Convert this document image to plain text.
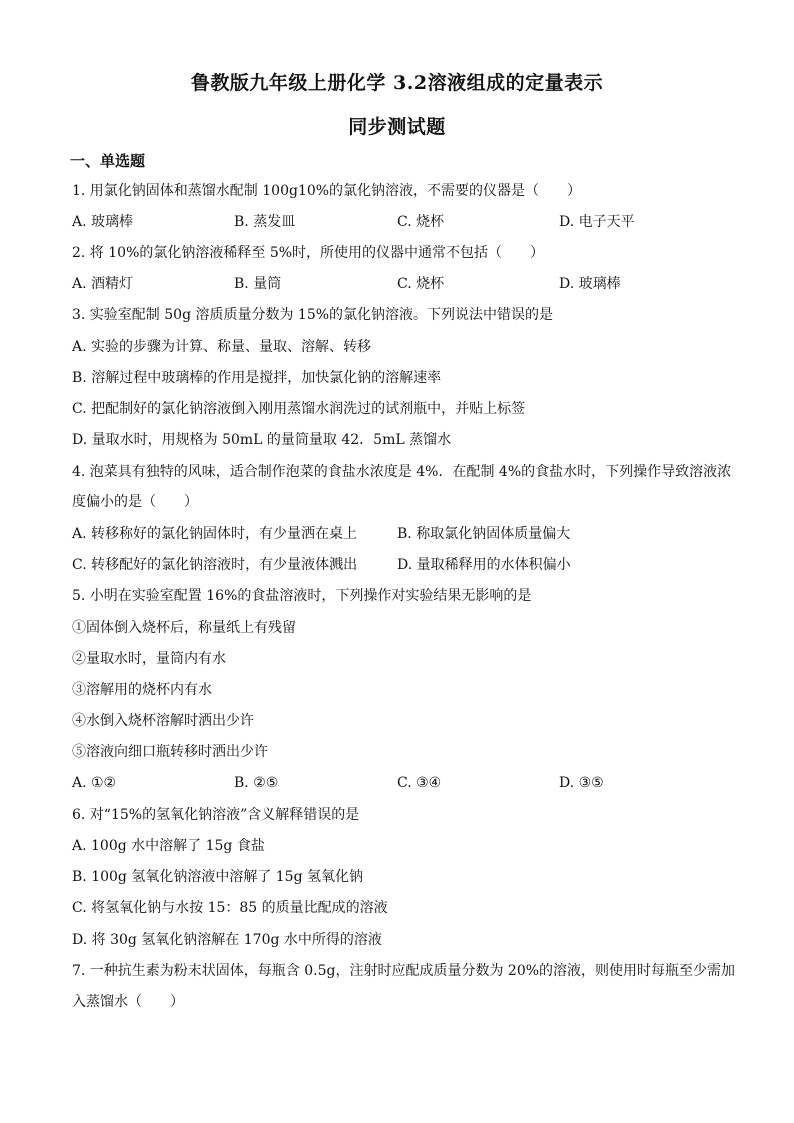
鲁教版九年级上册化学 3.2溶液组成的定量表示
同步测试题
一、单选题
1. 用氯化钠固体和蒸馏水配制 100g10%的氯化钠溶液，不需要的仪器是（　　）
A. 玻璃棒	B. 蒸发皿	C. 烧杯	D. 电子天平
2. 将 10%的氯化钠溶液稀释至 5%时，所使用的仪器中通常不包括（　　）
A. 酒精灯	B. 量筒	C. 烧杯	D. 玻璃棒
3. 实验室配制 50g 溶质质量分数为 15%的氯化钠溶液。下列说法中错误的是
A. 实验的步骤为计算、称量、量取、溶解、转移
B. 溶解过程中玻璃棒的作用是搅拌，加快氯化钠的溶解速率
C. 把配制好的氯化钠溶液倒入刚用蒸馏水润洗过的试剂瓶中，并贴上标签
D. 量取水时，用规格为 50mL 的量筒量取 42．5mL 蒸馏水
4. 泡菜具有独特的风味，适合制作泡菜的食盐水浓度是 4%．在配制 4%的食盐水时，下列操作导致溶液浓
度偏小的是（　　）
A. 转移称好的氯化钠固体时，有少量洒在桌上	B. 称取氯化钠固体质量偏大
C. 转移配好的氯化钠溶液时，有少量液体溅出	D. 量取稀释用的水体积偏小
5. 小明在实验室配置 16%的食盐溶液时，下列操作对实验结果无影响的是
①固体倒入烧杯后，称量纸上有残留
②量取水时，量筒内有水
③溶解用的烧杯内有水
④水倒入烧杯溶解时洒出少许
⑤溶液向细口瓶转移时洒出少许
A. ①②	B. ②⑤	C. ③④	D. ③⑤
6. 对“15%的氢氧化钠溶液”含义解释错误的是
A. 100g 水中溶解了 15g 食盐
B. 100g 氢氧化钠溶液中溶解了 15g 氢氧化钠
C. 将氢氧化钠与水按 15：85 的质量比配成的溶液
D. 将 30g 氢氧化钠溶解在 170g 水中所得的溶液
7. 一种抗生素为粉末状固体，每瓶含 0.5g，注射时应配成质量分数为 20%的溶液，则使用时每瓶至少需加
入蒸馏水（　　）
